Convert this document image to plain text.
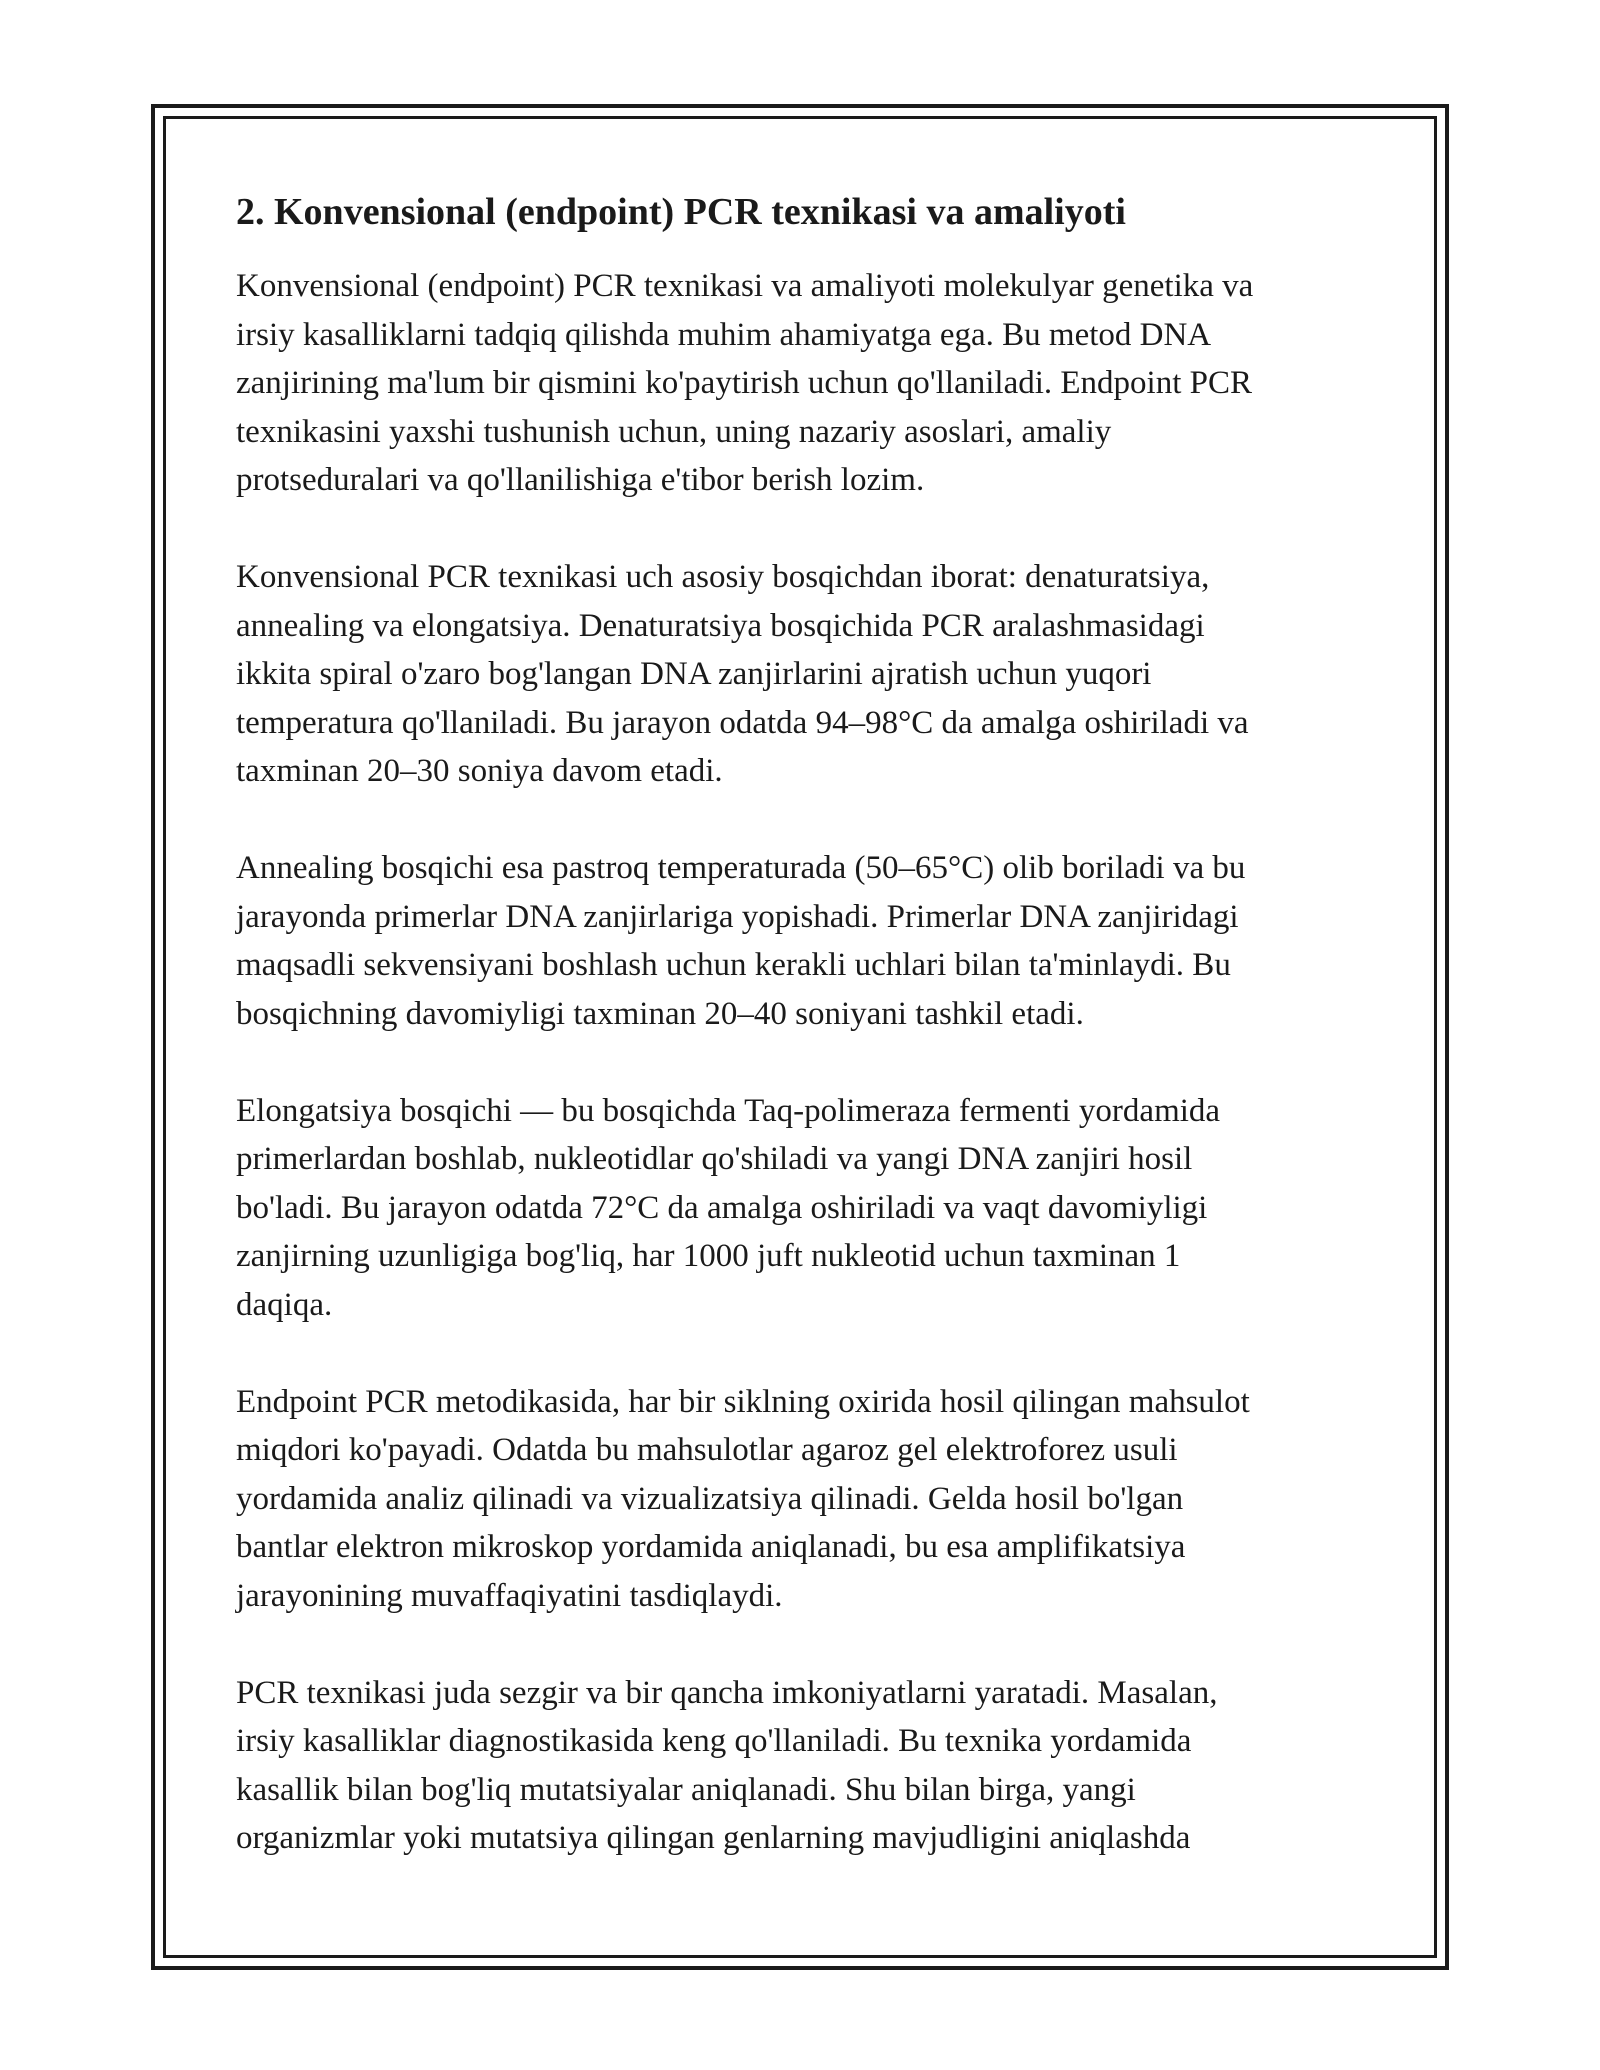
2. Konvensional (endpoint) PCR texnikasi va amaliyoti

Konvensional (endpoint) PCR texnikasi va amaliyoti molekulyar genetika va
irsiy kasalliklarni tadqiq qilishda muhim ahamiyatga ega. Bu metod DNA
zanjirining ma'lum bir qismini ko'paytirish uchun qo'llaniladi. Endpoint PCR
texnikasini yaxshi tushunish uchun, uning nazariy asoslari, amaliy
protseduralari va qo'llanilishiga e'tibor berish lozim.

Konvensional PCR texnikasi uch asosiy bosqichdan iborat: denaturatsiya,
annealing va elongatsiya. Denaturatsiya bosqichida PCR aralashmasidagi
ikkita spiral o'zaro bog'langan DNA zanjirlarini ajratish uchun yuqori
temperatura qo'llaniladi. Bu jarayon odatda 94–98°C da amalga oshiriladi va
taxminan 20–30 soniya davom etadi.

Annealing bosqichi esa pastroq temperaturada (50–65°C) olib boriladi va bu
jarayonda primerlar DNA zanjirlariga yopishadi. Primerlar DNA zanjiridagi
maqsadli sekvensiyani boshlash uchun kerakli uchlari bilan ta'minlaydi. Bu
bosqichning davomiyligi taxminan 20–40 soniyani tashkil etadi.

Elongatsiya bosqichi — bu bosqichda Taq-polimeraza fermenti yordamida
primerlardan boshlab, nukleotidlar qo'shiladi va yangi DNA zanjiri hosil
bo'ladi. Bu jarayon odatda 72°C da amalga oshiriladi va vaqt davomiyligi
zanjirning uzunligiga bog'liq, har 1000 juft nukleotid uchun taxminan 1
daqiqa.

Endpoint PCR metodikasida, har bir siklning oxirida hosil qilingan mahsulot
miqdori ko'payadi. Odatda bu mahsulotlar agaroz gel elektroforez usuli
yordamida analiz qilinadi va vizualizatsiya qilinadi. Gelda hosil bo'lgan
bantlar elektron mikroskop yordamida aniqlanadi, bu esa amplifikatsiya
jarayonining muvaffaqiyatini tasdiqlaydi.

PCR texnikasi juda sezgir va bir qancha imkoniyatlarni yaratadi. Masalan,
irsiy kasalliklar diagnostikasida keng qo'llaniladi. Bu texnika yordamida
kasallik bilan bog'liq mutatsiyalar aniqlanadi. Shu bilan birga, yangi
organizmlar yoki mutatsiya qilingan genlarning mavjudligini aniqlashda
